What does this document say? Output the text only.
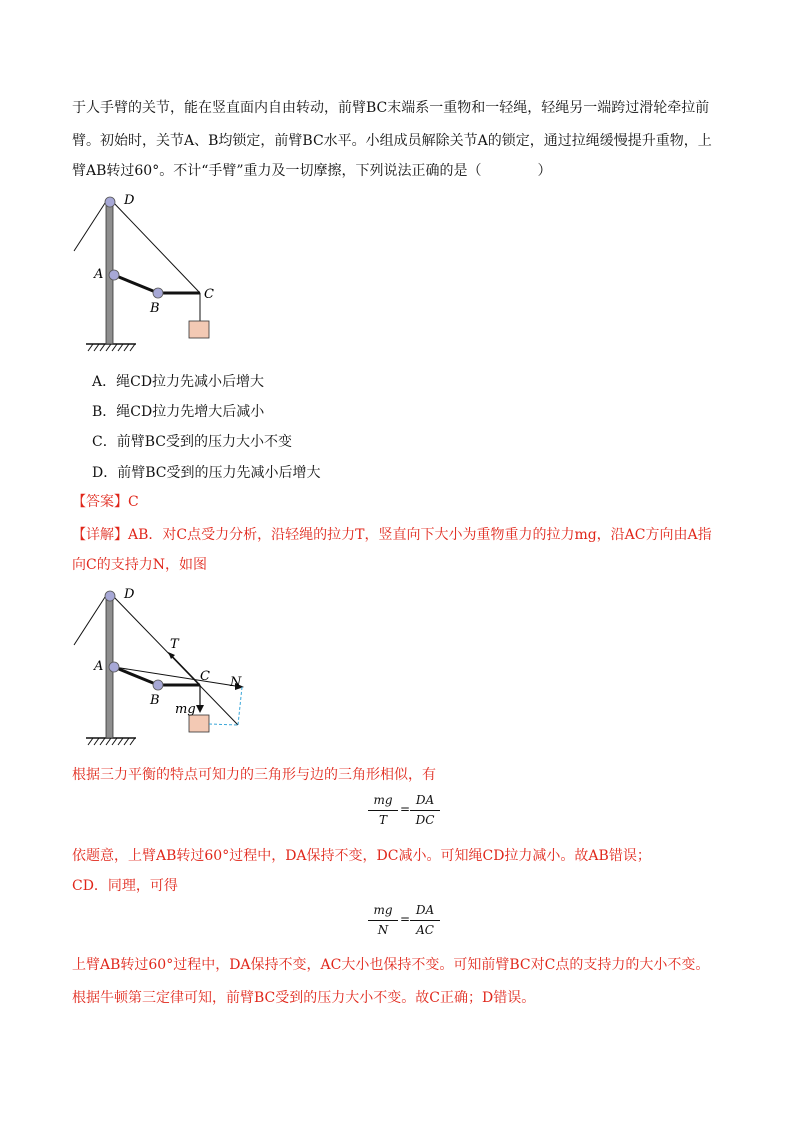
于人手臂的关节，能在竖直面内自由转动，前臂BC末端系一重物和一轻绳，轻绳另一端跨过滑轮牵拉前
臂。初始时，关节A、B均锁定，前臂BC水平。小组成员解除关节A的锁定，通过拉绳缓慢提升重物，上
臂AB转过60°。不计“手臂”重力及一切摩擦，下列说法正确的是（　　　　）
D
A
B
C
A．绳CD拉力先减小后增大
B．绳CD拉力先增大后减小
C．前臂BC受到的压力大小不变
D．前臂BC受到的压力先减小后增大
【答案】C
【详解】AB．对C点受力分析，沿轻绳的拉力T，竖直向下大小为重物重力的拉力mg，沿AC方向由A指
向C的支持力N，如图
D
A
B
C
T
N
mg
根据三力平衡的特点可知力的三角形与边的三角形相似，有
mg
T
=
DA
DC
依题意，上臂AB转过60°过程中，DA保持不变，DC减小。可知绳CD拉力减小。故AB错误；
CD．同理，可得
mg
N
=
DA
AC
上臂AB转过60°过程中，DA保持不变，AC大小也保持不变。可知前臂BC对C点的支持力的大小不变。
根据牛顿第三定律可知，前臂BC受到的压力大小不变。故C正确；D错误。
